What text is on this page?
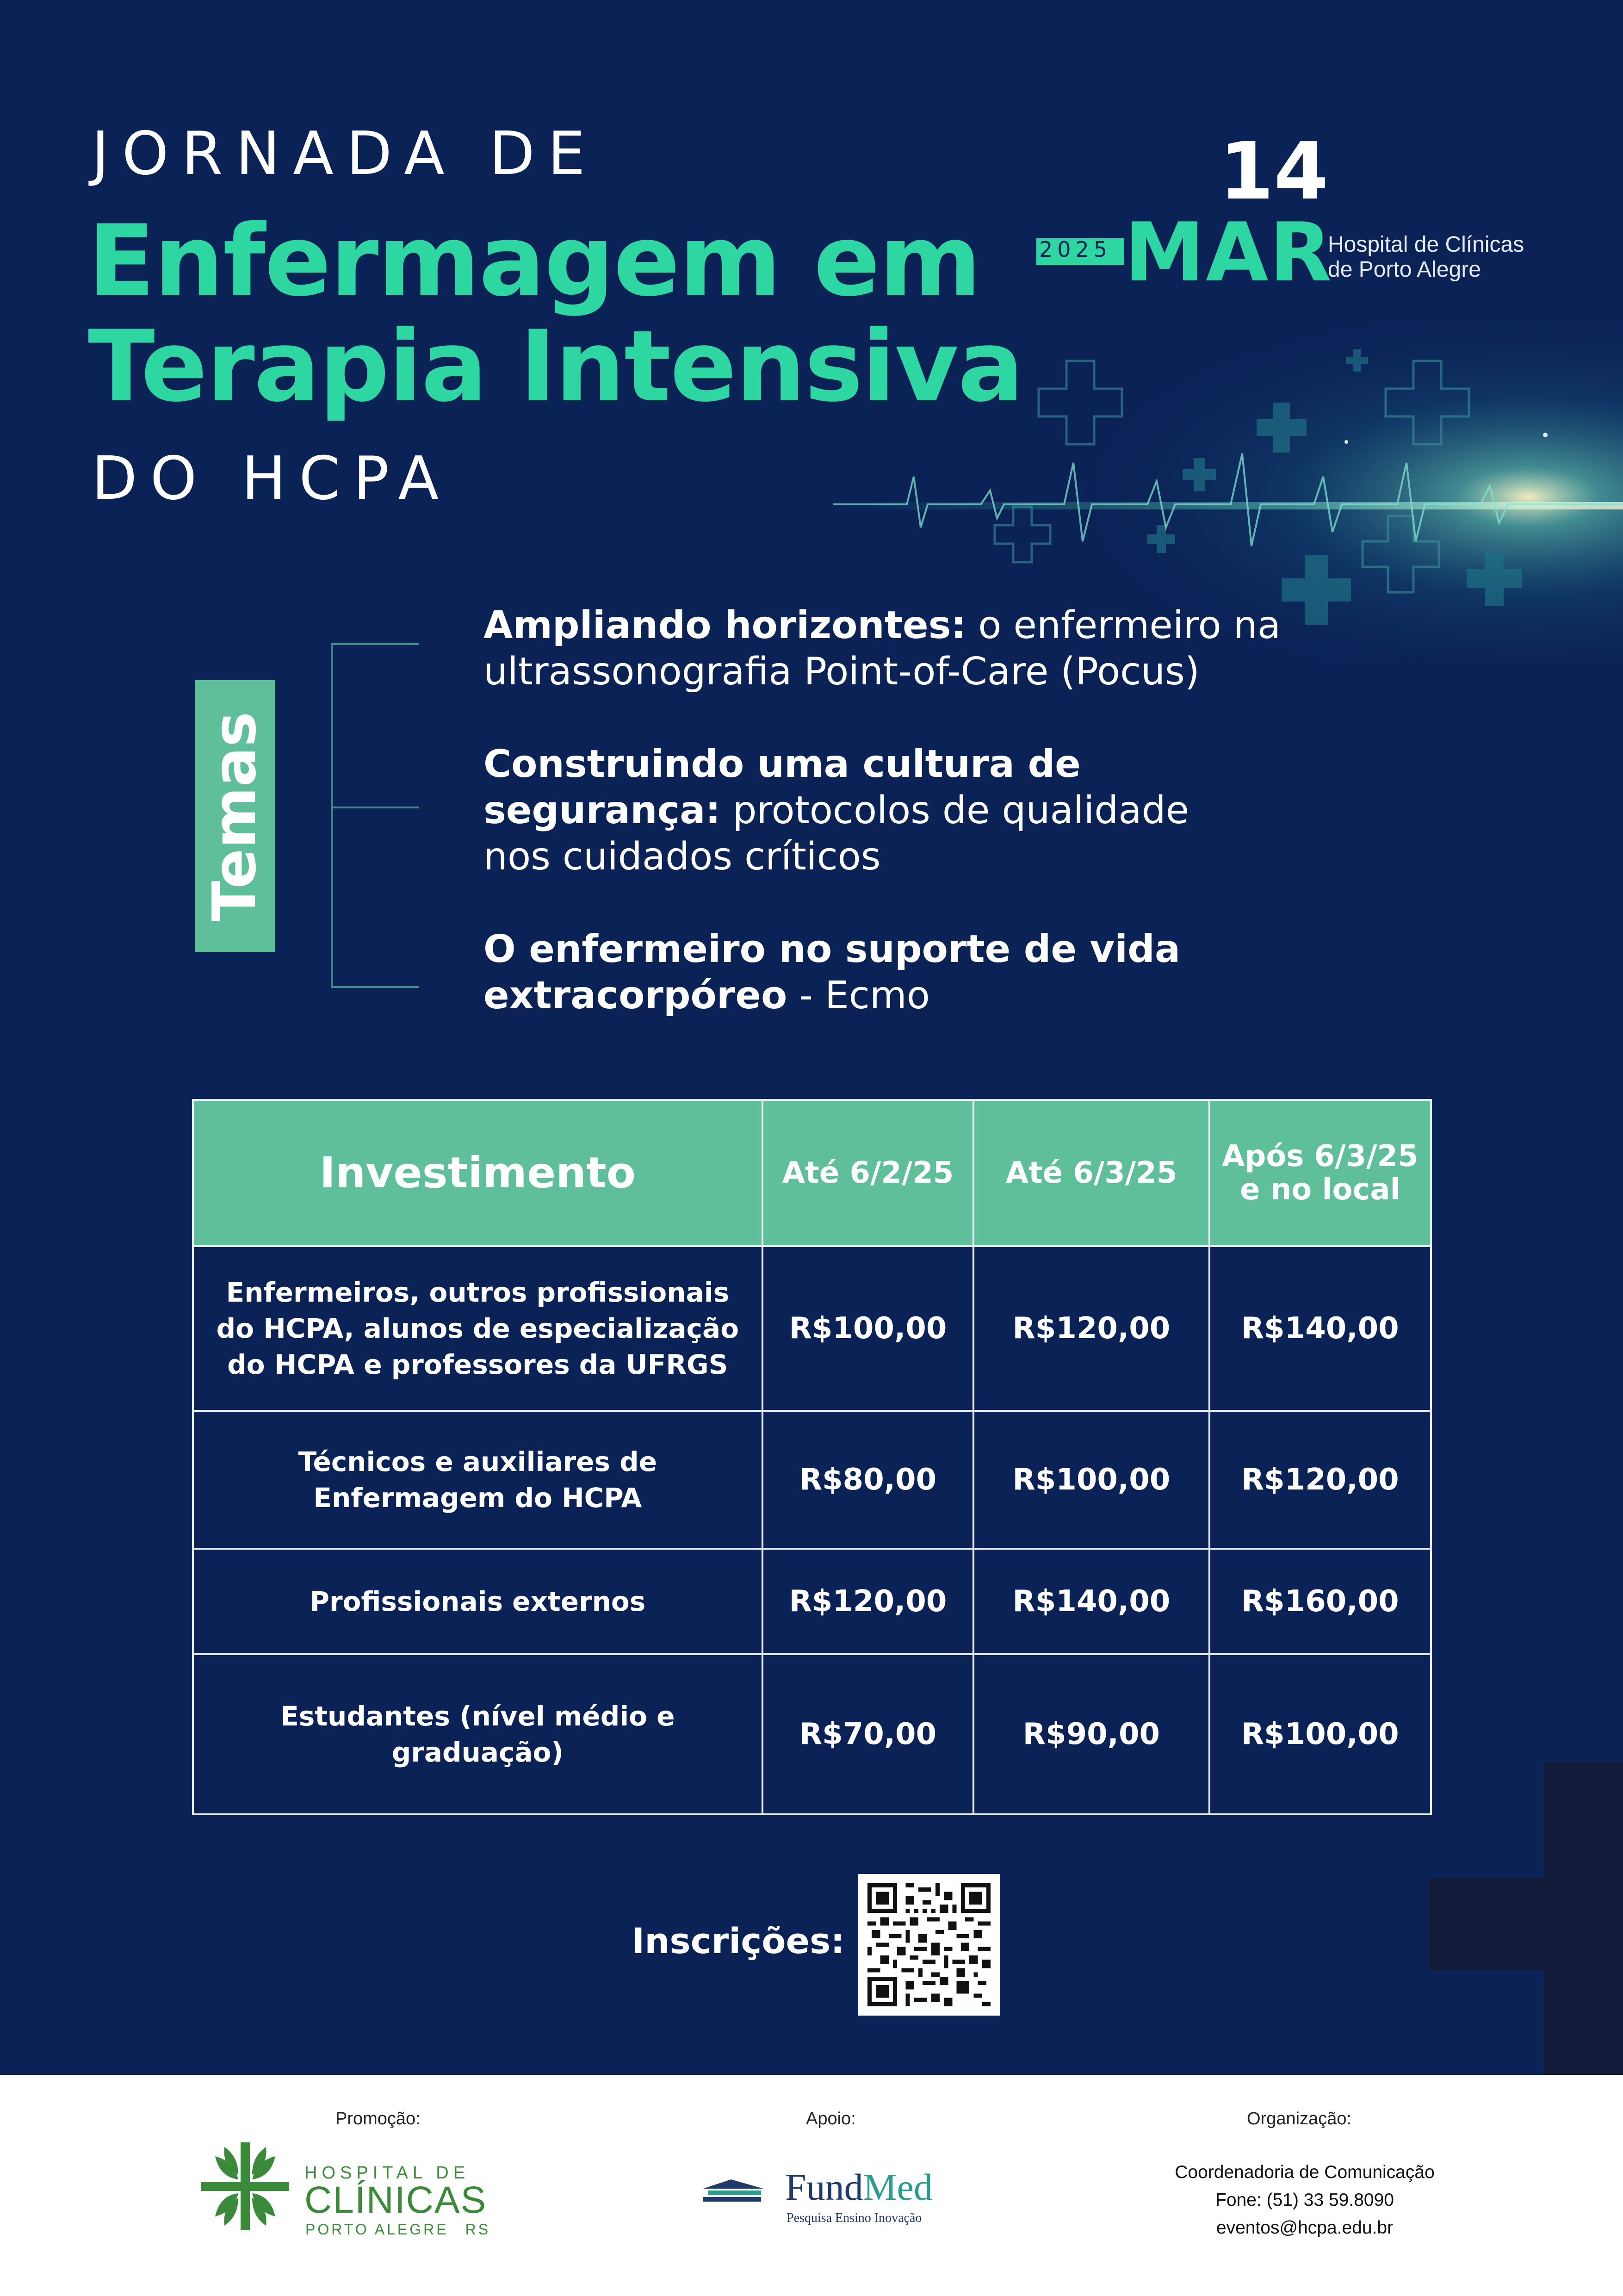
JORNADA DE
Enfermagem em
Terapia Intensiva
DO HCPA
14
2025 MAR
Hospital de Clínicas
de Porto Alegre
Temas
Ampliando horizontes: o enfermeiro na
ultrassonografia Point-of-Care (Pocus)
Construindo uma cultura de
segurança: protocolos de qualidade
nos cuidados críticos
O enfermeiro no suporte de vida
extracorpóreo - Ecmo
Investimento	Até 6/2/25	Até 6/3/25	Após 6/3/25
e no local

Enfermeiros, outros profissionais
do HCPA, alunos de especialização
do HCPA e professores da UFRGS	R$100,00	R$120,00	R$140,00

Técnicos e auxiliares de
Enfermagem do HCPA	R$80,00	R$100,00	R$120,00

Profissionais externos	R$120,00	R$140,00	R$160,00

Estudantes (nível médio e graduação)	R$70,00	R$90,00	R$100,00
Inscrições:
Promoção:	Apoio:	Organização:
HOSPITAL DE
CLÍNICAS
PORTO ALEGRE RS
FundMed
Pesquisa Ensino Inovação
Coordenadoria de Comunicação
Fone: (51) 33 59.8090
eventos@hcpa.edu.br
